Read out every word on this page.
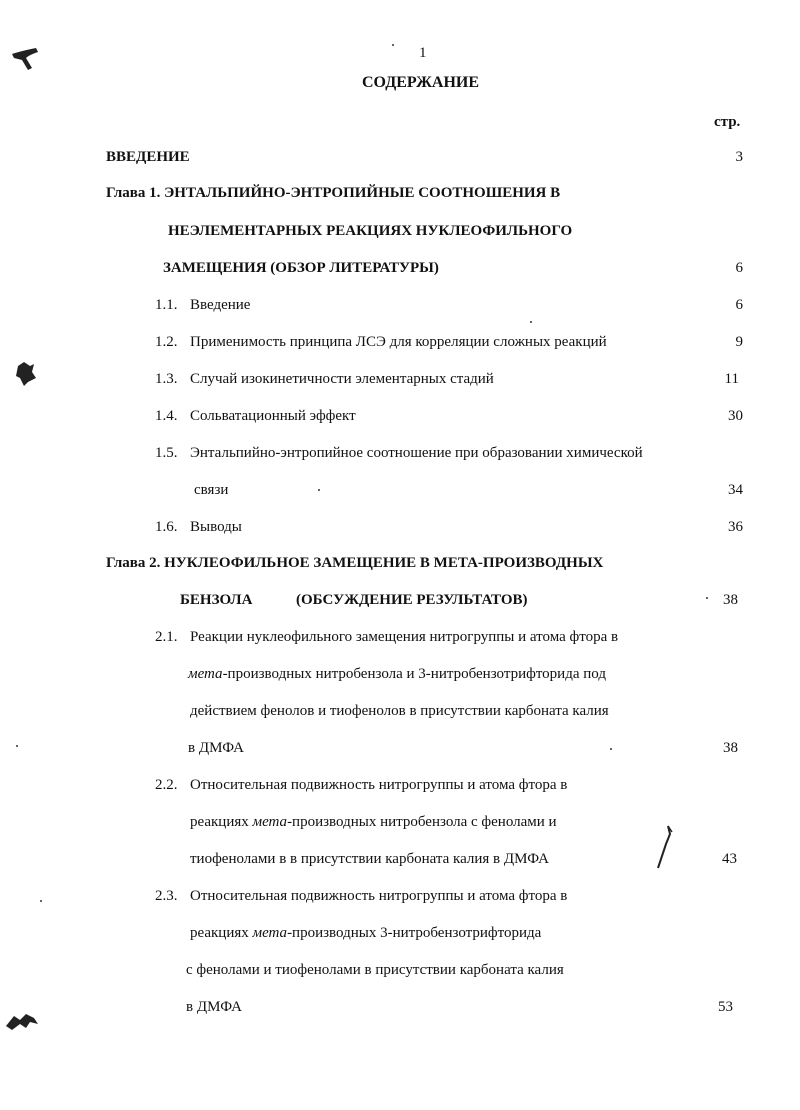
1
СОДЕРЖАНИЕ
стр.
ВВЕДЕНИЕ	3
Глава 1. ЭНТАЛЬПИЙНО-ЭНТРОПИЙНЫЕ СООТНОШЕНИЯ В
НЕЭЛЕМЕНТАРНЫХ РЕАКЦИЯХ НУКЛЕОФИЛЬНОГО
ЗАМЕЩЕНИЯ (ОБЗОР ЛИТЕРАТУРЫ)	6
1.1. Введение	6
1.2. Применимость принципа ЛСЭ для корреляции сложных реакций	9
1.3. Случай изокинетичности элементарных стадий	11
1.4. Сольватационный эффект	30
1.5. Энтальпийно-энтропийное соотношение при образовании химической
связи	34
1.6. Выводы	36
Глава 2. НУКЛЕОФИЛЬНОЕ ЗАМЕЩЕНИЕ В МЕТА-ПРОИЗВОДНЫХ
БЕНЗОЛА	(ОБСУЖДЕНИЕ РЕЗУЛЬТАТОВ)	38
2.1. Реакции нуклеофильного замещения нитрогруппы и атома фтора в
мета-производных нитробензола и 3-нитробензотрифторида под
действием фенолов и тиофенолов в присутствии карбоната калия
в ДМФА	38
2.2. Относительная подвижность нитрогруппы и атома фтора в
реакциях мета-производных нитробензола с фенолами и
тиофенолами в в присутствии карбоната калия в ДМФА	43
2.3. Относительная подвижность нитрогруппы и атома фтора в
реакциях мета-производных 3-нитробензотрифторида
с фенолами и тиофенолами в присутствии карбоната калия
в ДМФА	53
